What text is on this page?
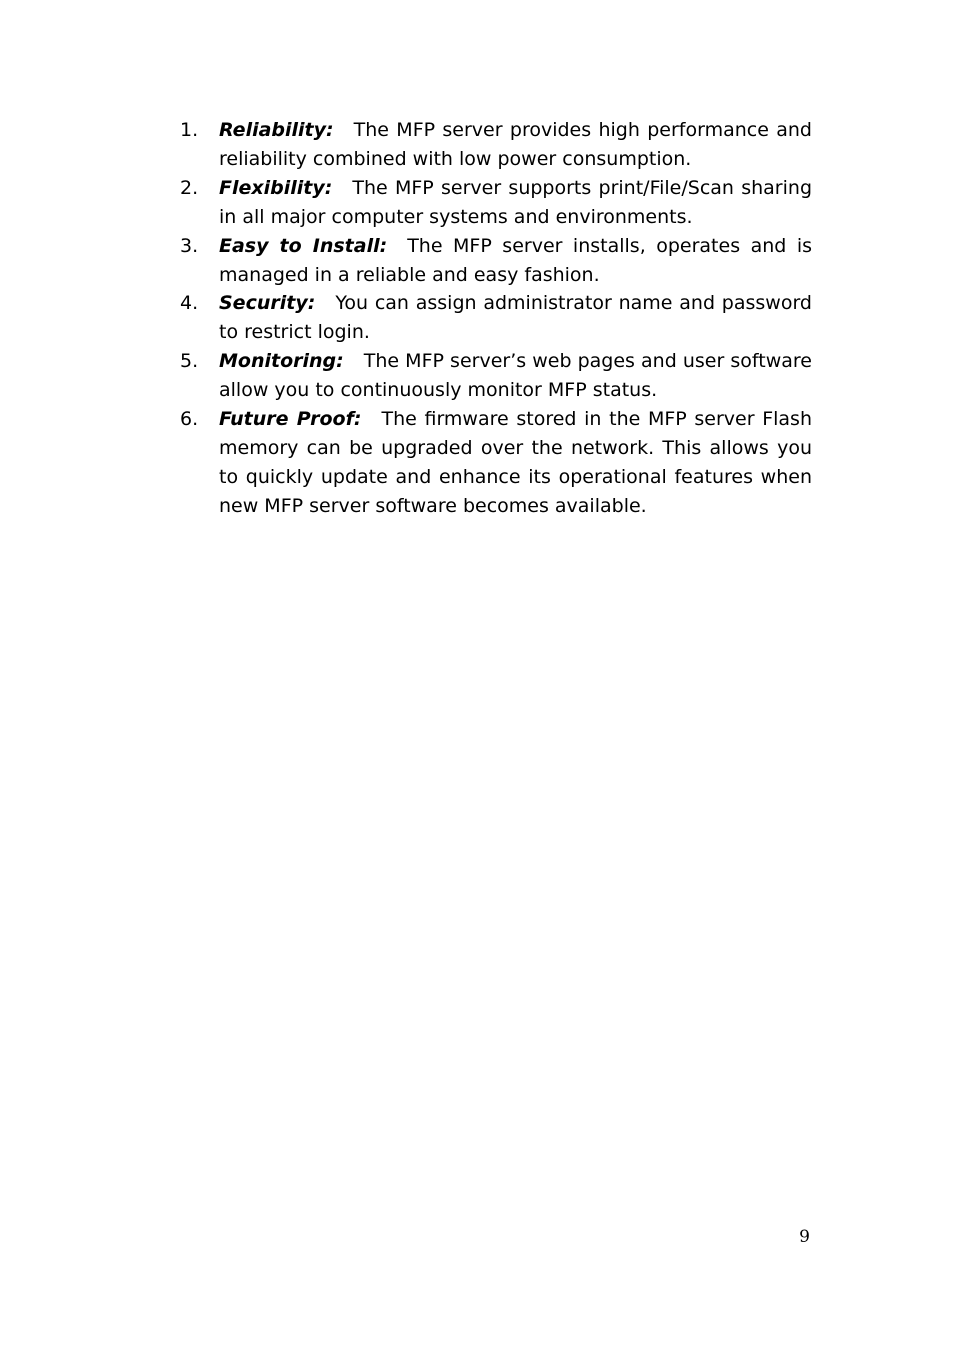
1.	Reliability: The MFP server provides high performance and reliability combined with low power consumption.
2.	Flexibility: The MFP server supports print/File/Scan sharing in all major computer systems and environments.
3.	Easy to Install: The MFP server installs, operates and is managed in a reliable and easy fashion.
4.	Security: You can assign administrator name and password to restrict login.
5.	Monitoring: The MFP server’s web pages and user software allow you to continuously monitor MFP status.
6.	Future Proof: The firmware stored in the MFP server Flash memory can be upgraded over the network. This allows you to quickly update and enhance its operational features when new MFP server software becomes available.
9
